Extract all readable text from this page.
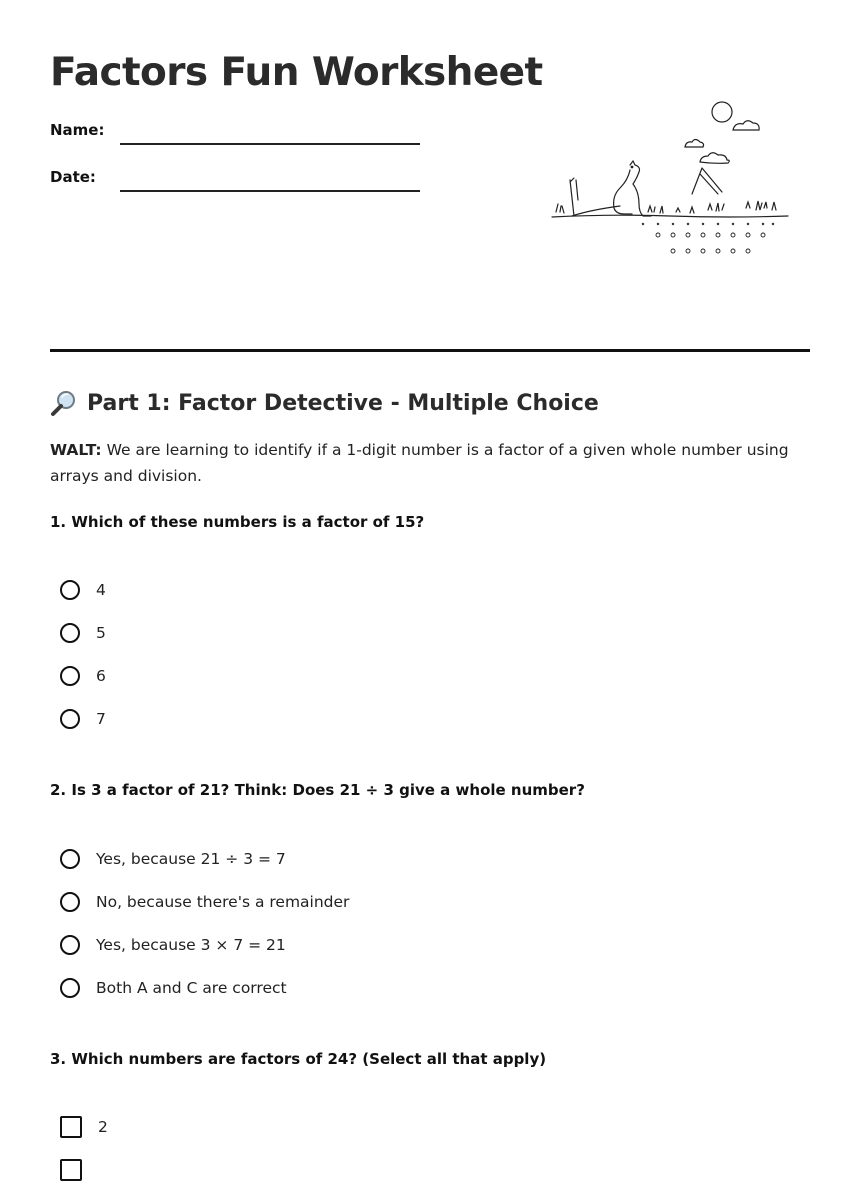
Factors Fun Worksheet
Name:
Date:
Part 1: Factor Detective - Multiple Choice
WALT: We are learning to identify if a 1-digit number is a factor of a given whole number using arrays and division.
1. Which of these numbers is a factor of 15?
4
5
6
7
2. Is 3 a factor of 21? Think: Does 21 ÷ 3 give a whole number?
Yes, because 21 ÷ 3 = 7
No, because there's a remainder
Yes, because 3 × 7 = 21
Both A and C are correct
3. Which numbers are factors of 24? (Select all that apply)
2
